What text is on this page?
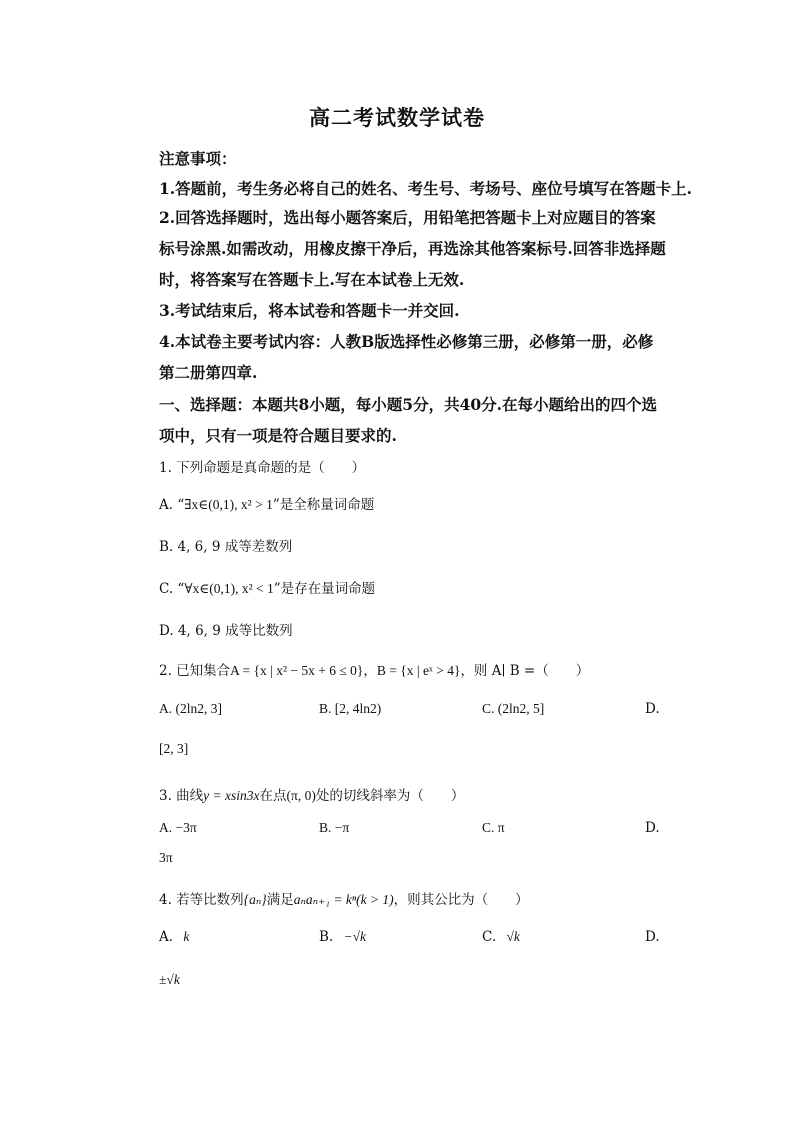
高二考试数学试卷
注意事项：
1.答题前，考生务必将自己的姓名、考生号、考场号、座位号填写在答题卡上.
2.回答选择题时，选出每小题答案后，用铅笔把答题卡上对应题目的答案
标号涂黑.如需改动，用橡皮擦干净后，再选涂其他答案标号.回答非选择题
时，将答案写在答题卡上.写在本试卷上无效.
3.考试结束后，将本试卷和答题卡一并交回.
4.本试卷主要考试内容：人教B版选择性必修第三册，必修第一册，必修
第二册第四章.
一、选择题：本题共8小题，每小题5分，共40分.在每小题给出的四个选
项中，只有一项是符合题目要求的.
1. 下列命题是真命题的是（　　）
A. “∃x∈(0,1), x² > 1”是全称量词命题
B. 4, 6, 9 成等差数列
C. “∀x∈(0,1), x² < 1”是存在量词命题
D. 4, 6, 9 成等比数列
2. 已知集合A = {x | x² − 5x + 6 ≤ 0}，B = {x | eˣ > 4}，则 A∣ B =（　　）
A. (2ln2, 3]	B. [2, 4ln2)	C. (2ln2, 5]	D.
[2, 3]
3. 曲线y = xsin3x在点(π, 0)处的切线斜率为（　　）
A. −3π	B. −π	C. π	D.
3π
4. 若等比数列{aₙ}满足aₙaₙ₊₁ = kⁿ(k > 1)，则其公比为（　　）
A. k	B. −√k	C. √k	D.
±√k
